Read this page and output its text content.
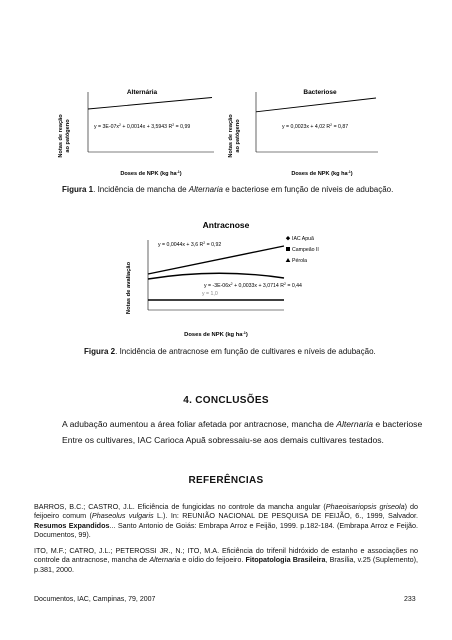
Alternária
Notas de reação ao patógeno	$y = 3E-07x^2 + 0,0014x + 3,5943$ $R^2 = 0,99$
Doses de NPK (kg $ha^{-1}$)
Bacteriose
Notas de reação ao patógeno	y = 0,0023x + 4,02 $R^2 = 0,87$
Doses de NPK (kg $ha^{-1}$)
Figura 1. Incidência de mancha de Alternaria e bacteriose em função de níveis de adubação.
Antracnose
Notas de avaliação
y = 0,0044x + 3,6 $R^2 = 0,92$
$y = -3E-06x^2 + 0,0033x + 3,0714$ $R^2 = 0,44$
y = 1,0
IAC Apuã
Campeão II
Pérola
Doses de NPK (kg $ha^{-1}$)
Figura 2. Incidência de antracnose em função de cultivares e níveis de adubação.
4. CONCLUSÕES
A adubação aumentou a área foliar afetada por antracnose, mancha de Alternaria e bacteriose
Entre os cultivares, IAC Carioca Apuã sobressaiu-se aos demais cultivares testados.
REFERÊNCIAS
BARROS, B.C.; CASTRO, J.L. Eficiência de fungicidas no controle da mancha angular (Phaeoisariopsis griseola) do feijoeiro comum (Phaseolus vulgaris L.). In: REUNIÃO NACIONAL DE PESQUISA DE FEIJÃO, 6., 1999, Salvador. Resumos Expandidos... Santo Antonio de Goiás: Embrapa Arroz e Feijão, 1999. p.182-184. (Embrapa Arroz e Feijão. Documentos, 99).
ITO, M.F.; CATRO, J.L.; PETEROSSI JR., N.; ITO, M.A. Eficiência do trifenil hidróxido de estanho e associações no controle da antracnose, mancha de Alternaria e oídio do feijoeiro. Fitopatologia Brasileira, Brasília, v.25 (Suplemento), p.381, 2000.
Documentos, IAC, Campinas, 79, 2007	233
